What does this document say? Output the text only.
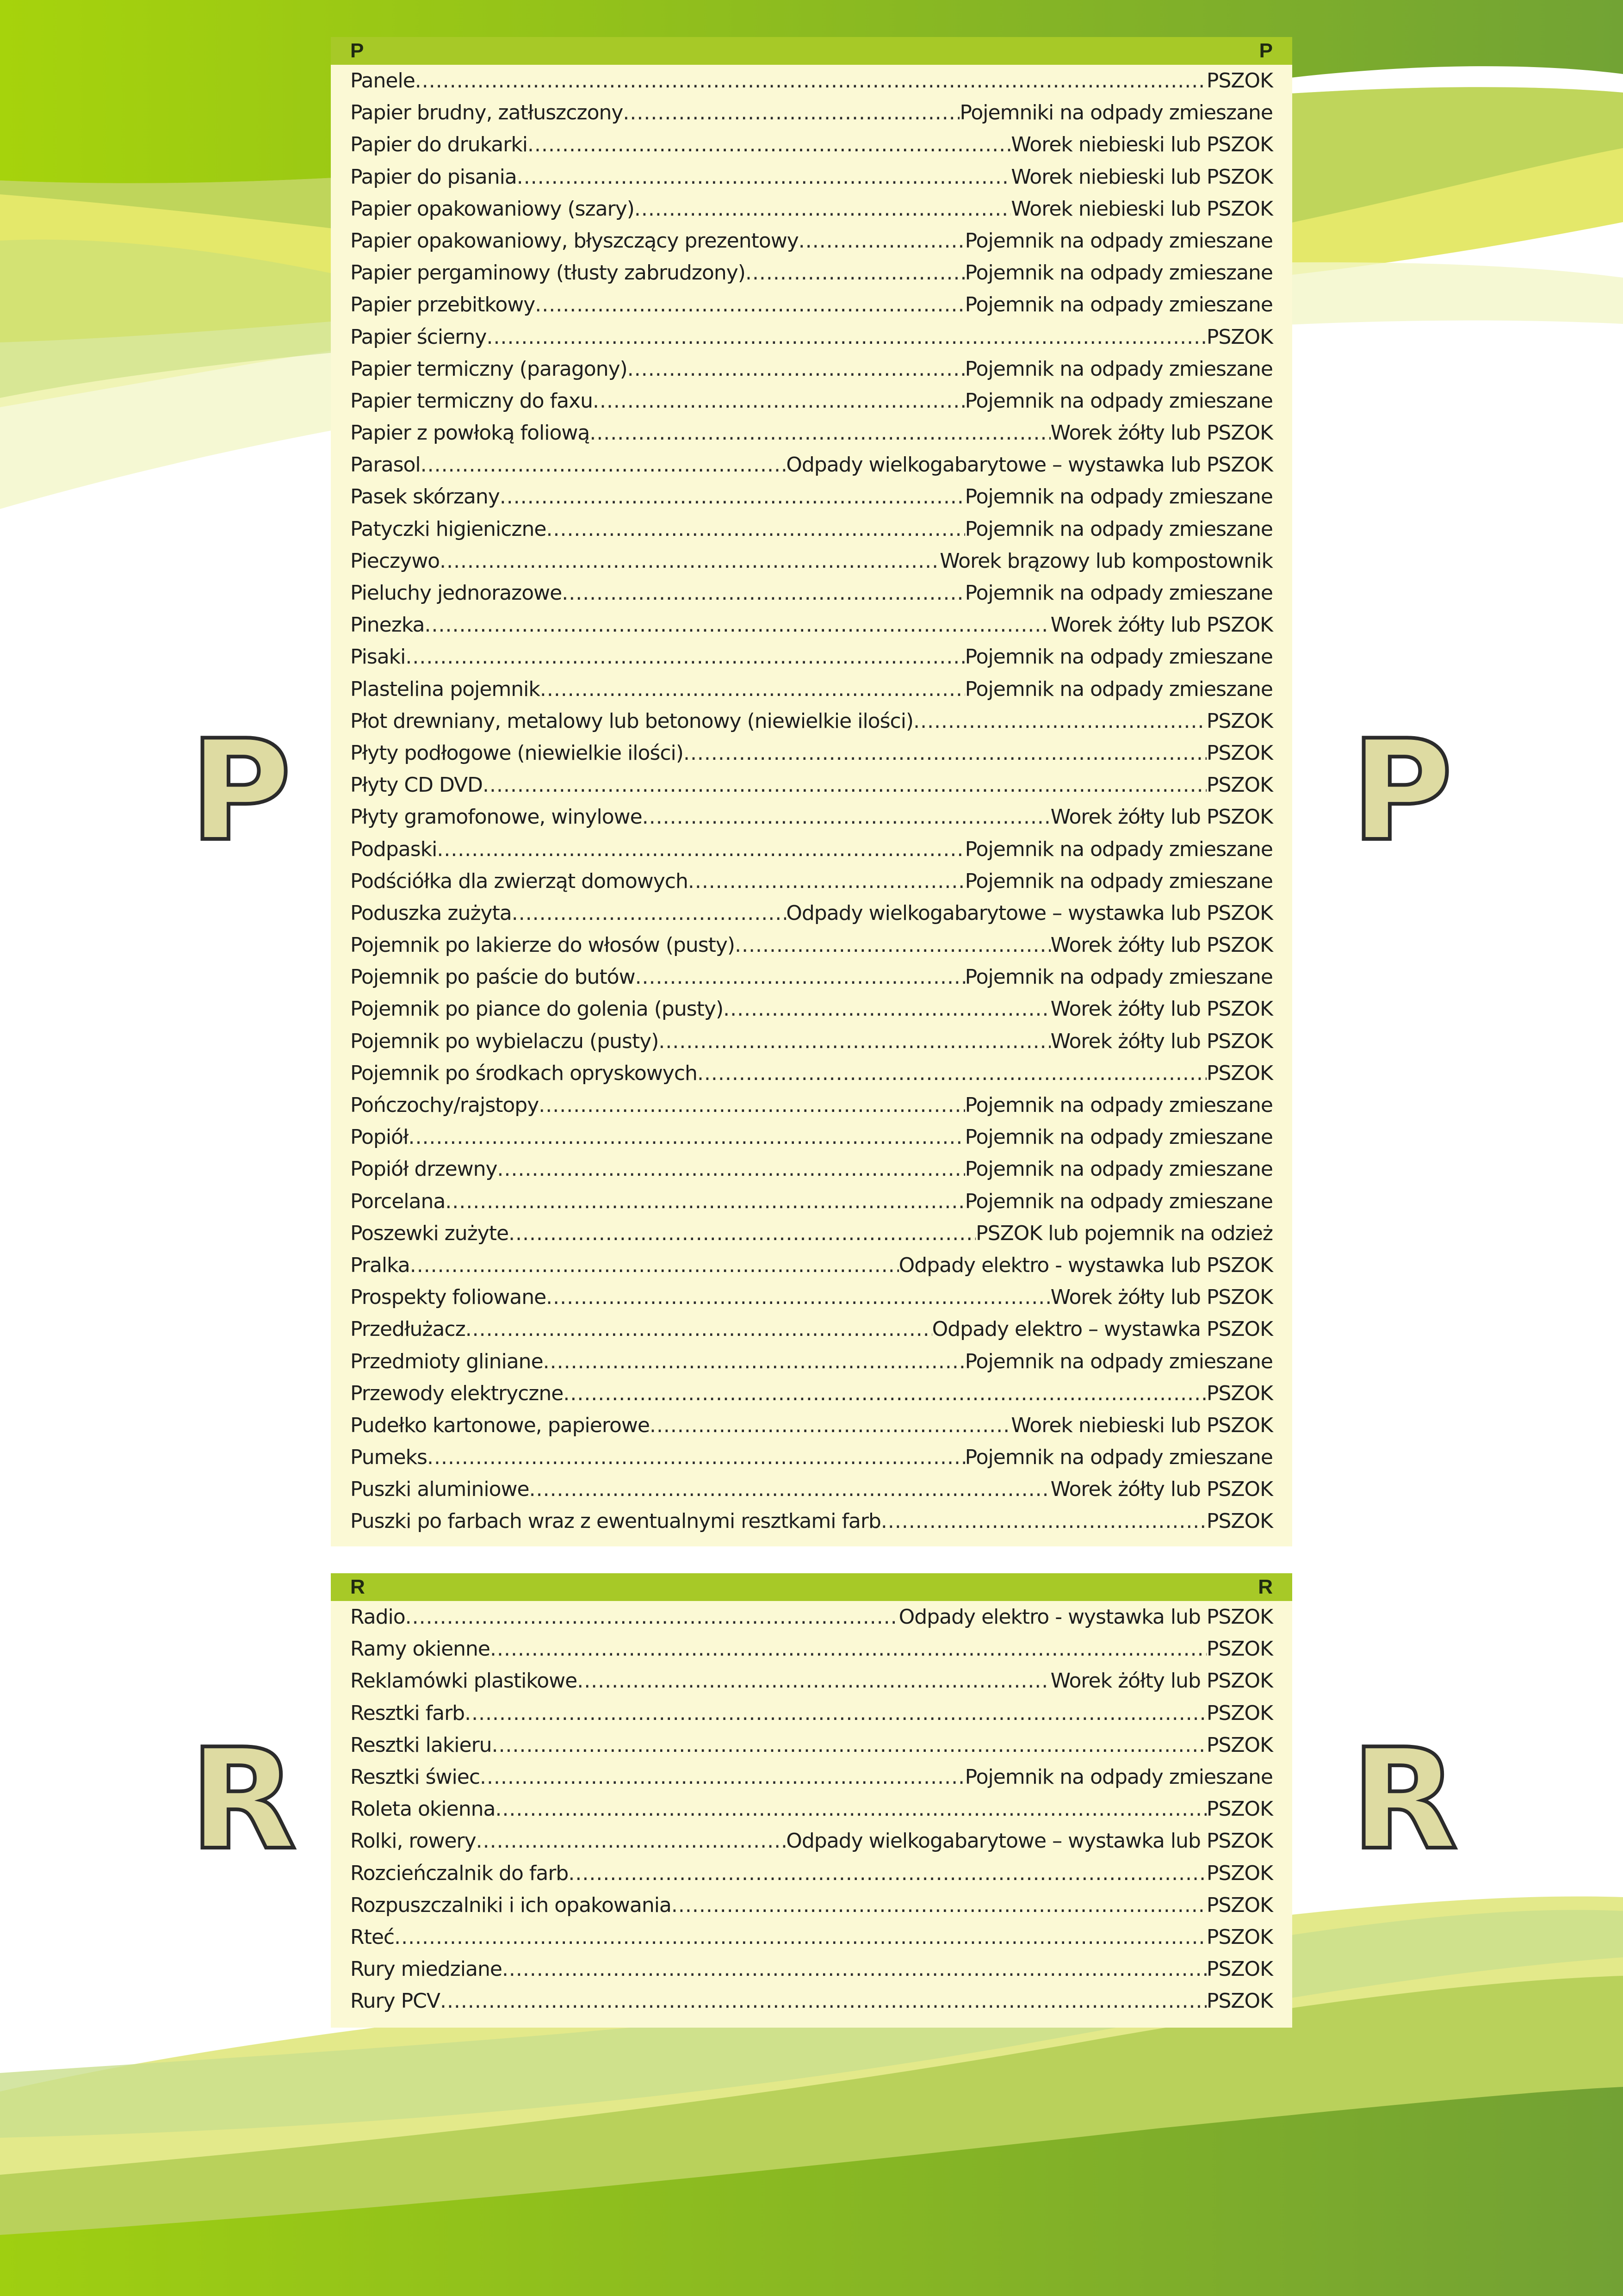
P	P
R	R
P	P
Panele .....	PSZOK
Papier brudny, zatłuszczony .....	Pojemniki na odpady zmieszane
Papier do drukarki .....	Worek niebieski lub PSZOK
Papier do pisania .....	Worek niebieski lub PSZOK
Papier opakowaniowy (szary) .....	Worek niebieski lub PSZOK
Papier opakowaniowy, błyszczący prezentowy .....	Pojemnik na odpady zmieszane
Papier pergaminowy (tłusty zabrudzony) .....	Pojemnik na odpady zmieszane
Papier przebitkowy .....	Pojemnik na odpady zmieszane
Papier ścierny .....	PSZOK
Papier termiczny (paragony) .....	Pojemnik na odpady zmieszane
Papier termiczny do faxu .....	Pojemnik na odpady zmieszane
Papier z powłoką foliową .....	Worek żółty lub PSZOK
Parasol .....	Odpady wielkogabarytowe – wystawka lub PSZOK
Pasek skórzany .....	Pojemnik na odpady zmieszane
Patyczki higieniczne .....	Pojemnik na odpady zmieszane
Pieczywo .....	Worek brązowy lub kompostownik
Pieluchy jednorazowe .....	Pojemnik na odpady zmieszane
Pinezka .....	Worek żółty lub PSZOK
Pisaki .....	Pojemnik na odpady zmieszane
Plastelina pojemnik .....	Pojemnik na odpady zmieszane
Płot drewniany, metalowy lub betonowy (niewielkie ilości) .....	PSZOK
Płyty podłogowe (niewielkie ilości) .....	PSZOK
Płyty CD DVD .....	PSZOK
Płyty gramofonowe, winylowe .....	Worek żółty lub PSZOK
Podpaski .....	Pojemnik na odpady zmieszane
Podściółka dla zwierząt domowych .....	Pojemnik na odpady zmieszane
Poduszka zużyta .....	Odpady wielkogabarytowe – wystawka lub PSZOK
Pojemnik po lakierze do włosów (pusty) .....	Worek żółty lub PSZOK
Pojemnik po paście do butów .....	Pojemnik na odpady zmieszane
Pojemnik po piance do golenia (pusty) .....	Worek żółty lub PSZOK
Pojemnik po wybielaczu (pusty) .....	Worek żółty lub PSZOK
Pojemnik po środkach opryskowych .....	PSZOK
Pończochy/rajstopy .....	Pojemnik na odpady zmieszane
Popiół .....	Pojemnik na odpady zmieszane
Popiół drzewny .....	Pojemnik na odpady zmieszane
Porcelana .....	Pojemnik na odpady zmieszane
Poszewki zużyte .....	PSZOK lub pojemnik na odzież
Pralka .....	Odpady elektro - wystawka lub PSZOK
Prospekty foliowane .....	Worek żółty lub PSZOK
Przedłużacz .....	Odpady elektro – wystawka PSZOK
Przedmioty gliniane .....	Pojemnik na odpady zmieszane
Przewody elektryczne .....	PSZOK
Pudełko kartonowe, papierowe .....	Worek niebieski lub PSZOK
Pumeks .....	Pojemnik na odpady zmieszane
Puszki aluminiowe .....	Worek żółty lub PSZOK
Puszki po farbach wraz z ewentualnymi resztkami farb .....	PSZOK
R	R
Radio .....	Odpady elektro - wystawka lub PSZOK
Ramy okienne .....	PSZOK
Reklamówki plastikowe .....	Worek żółty lub PSZOK
Resztki farb .....	PSZOK
Resztki lakieru .....	PSZOK
Resztki świec .....	Pojemnik na odpady zmieszane
Roleta okienna .....	PSZOK
Rolki, rowery .....	Odpady wielkogabarytowe – wystawka lub PSZOK
Rozcieńczalnik do farb .....	PSZOK
Rozpuszczalniki i ich opakowania .....	PSZOK
Rteć .....	PSZOK
Rury miedziane .....	PSZOK
Rury PCV .....	PSZOK
